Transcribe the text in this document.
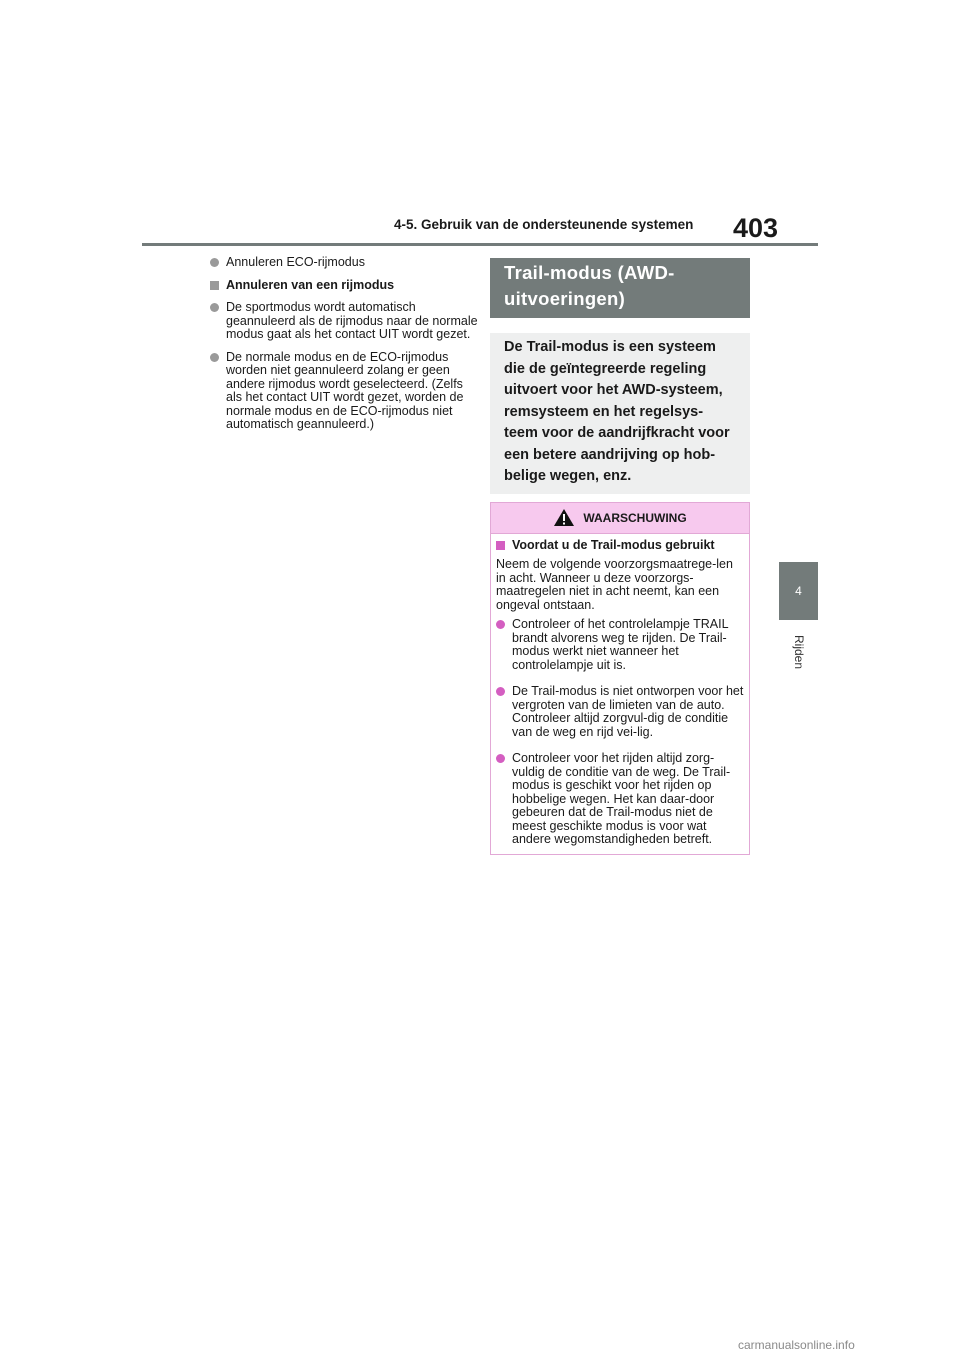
4-5. Gebruik van de ondersteunende systemen 403
4
Rijden
Annuleren ECO-rijmodus
Annuleren van een rijmodus
De sportmodus wordt automatisch geannuleerd als de rijmodus naar de normale modus gaat als het contact UIT wordt gezet.
De normale modus en de ECO-rijmodus worden niet geannuleerd zolang er geen andere rijmodus wordt geselecteerd. (Zelfs als het contact UIT wordt gezet, worden de normale modus en de ECO-rijmodus niet automatisch geannuleerd.)
Trail-modus (AWD-uitvoeringen)
De Trail-modus is een systeem die de geïntegreerde regeling uitvoert voor het AWD-systeem, remsysteem en het regelsys-teem voor de aandrijfkracht voor een betere aandrijving op hob-belige wegen, enz.
WAARSCHUWING
Voordat u de Trail-modus gebruikt
Neem de volgende voorzorgsmaatrege-len in acht. Wanneer u deze voorzorgs-maatregelen niet in acht neemt, kan een ongeval ontstaan.
Controleer of het controlelampje TRAIL brandt alvorens weg te rijden. De Trail-modus werkt niet wanneer het controlelampje uit is.
De Trail-modus is niet ontworpen voor het vergroten van de limieten van de auto. Controleer altijd zorgvul-dig de conditie van de weg en rijd vei-lig.
Controleer voor het rijden altijd zorg-vuldig de conditie van de weg. De Trail-modus is geschikt voor het rijden op hobbelige wegen. Het kan daar-door gebeuren dat de Trail-modus niet de meest geschikte modus is voor wat andere wegomstandigheden betreft.
carmanualsonline.info
